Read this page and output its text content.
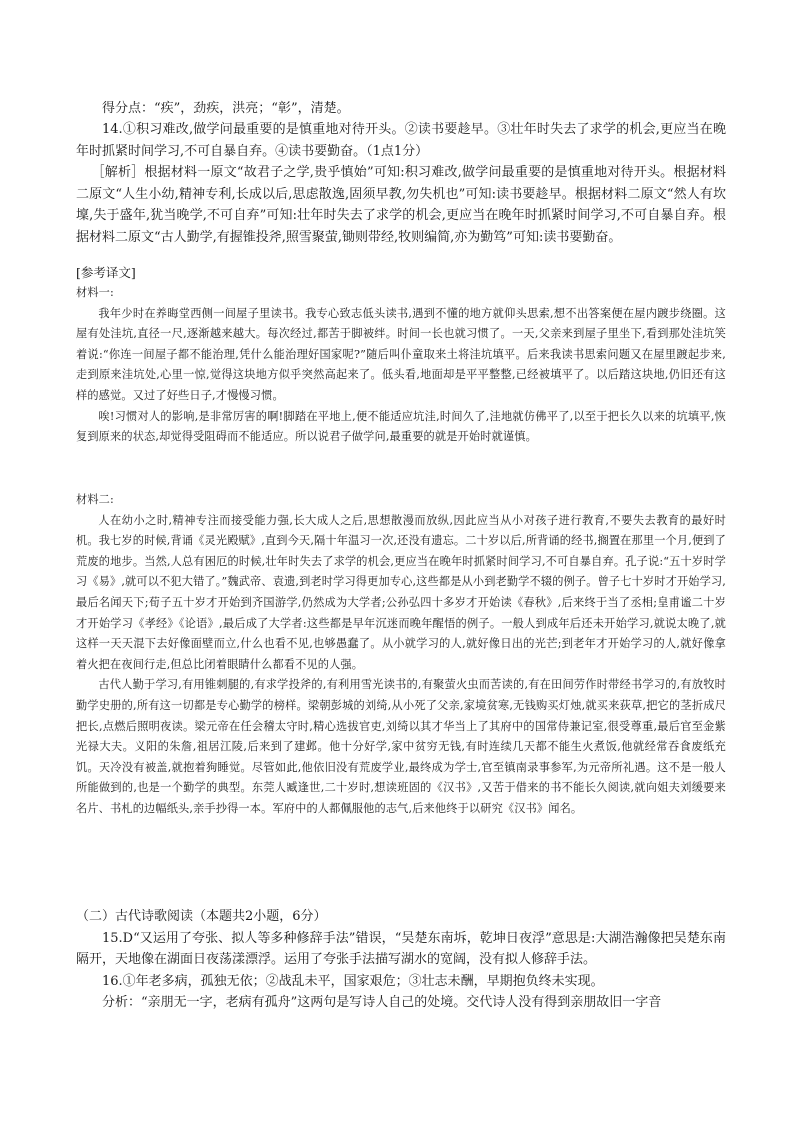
得分点：“疾”，劲疾，洪亮；“彰”，清楚。

14.①积习难改,做学问最重要的是慎重地对待开头。②读书要趁早。③壮年时失去了求学的机会,更应当在晚年时抓紧时间学习,不可自暴自弃。④读书要勤奋。（1点1分）

［解析］根据材料一原文“故君子之学,贵乎慎始”可知:积习难改,做学问最重要的是慎重地对待开头。根据材料二原文“人生小幼,精神专利,长成以后,思虑散逸,固须早教,勿失机也”可知:读书要趁早。根据材料二原文“然人有坎壈,失于盛年,犹当晚学,不可自弃”可知:壮年时失去了求学的机会,更应当在晚年时抓紧时间学习,不可自暴自弃。根据材料二原文“古人勤学,有握锥投斧,照雪聚萤,锄则带经,牧则编简,亦为勤笃”可知:读书要勤奋。

[参考译文]

材料一:

我年少时在养晦堂西侧一间屋子里读书。我专心致志低头读书,遇到不懂的地方就仰头思索,想不出答案便在屋内踱步绕圈。这屋有处洼坑,直径一尺,逐渐越来越大。每次经过,都苦于脚被绊。时间一长也就习惯了。一天,父亲来到屋子里坐下,看到那处洼坑笑着说:“你连一间屋子都不能治理,凭什么能治理好国家呢?”随后叫仆童取来土将洼坑填平。后来我读书思索问题又在屋里踱起步来,走到原来洼坑处,心里一惊,觉得这块地方似乎突然高起来了。低头看,地面却是平平整整,已经被填平了。以后踏这块地,仍旧还有这样的感觉。又过了好些日子,才慢慢习惯。

唉!习惯对人的影响,是非常厉害的啊!脚踏在平地上,便不能适应坑洼,时间久了,洼地就仿佛平了,以至于把长久以来的坑填平,恢复到原来的状态,却觉得受阻碍而不能适应。所以说君子做学问,最重要的就是开始时就谨慎。

材料二:

人在幼小之时,精神专注而接受能力强,长大成人之后,思想散漫而放纵,因此应当从小对孩子进行教育,不要失去教育的最好时机。我七岁的时候,背诵《灵光殿赋》,直到今天,隔十年温习一次,还没有遗忘。二十岁以后,所背诵的经书,搁置在那里一个月,便到了荒废的地步。当然,人总有困厄的时候,壮年时失去了求学的机会,更应当在晚年时抓紧时间学习,不可自暴自弃。孔子说:“五十岁时学习《易》,就可以不犯大错了。”魏武帝、袁遗,到老时学习得更加专心,这些都是从小到老勤学不辍的例子。曾子七十岁时才开始学习,最后名闻天下;荀子五十岁才开始到齐国游学,仍然成为大学者;公孙弘四十多岁才开始读《春秋》,后来终于当了丞相;皇甫谧二十岁才开始学习《孝经》《论语》,最后成了大学者:这些都是早年沉迷而晚年醒悟的例子。一般人到成年后还未开始学习,就说太晚了,就这样一天天混下去好像面壁而立,什么也看不见,也够愚蠢了。从小就学习的人,就好像日出的光芒;到老年才开始学习的人,就好像拿着火把在夜间行走,但总比闭着眼睛什么都看不见的人强。

古代人勤于学习,有用锥刺腿的,有求学投斧的,有利用雪光读书的,有聚萤火虫而苦读的,有在田间劳作时带经书学习的,有放牧时勤学史册的,所有这一切都是专心勤学的榜样。梁朝彭城的刘绮,从小死了父亲,家境贫寒,无钱购买灯烛,就买来荻草,把它的茎折成尺把长,点燃后照明夜读。梁元帝在任会稽太守时,精心选拔官吏,刘绮以其才华当上了其府中的国常侍兼记室,很受尊重,最后官至金紫光禄大夫。义阳的朱詹,祖居江陵,后来到了建邺。他十分好学,家中贫穷无钱,有时连续几天都不能生火煮饭,他就经常吞食废纸充饥。天冷没有被盖,就抱着狗睡觉。尽管如此,他依旧没有荒废学业,最终成为学士,官至镇南录事参军,为元帝所礼遇。这不是一般人所能做到的,也是一个勤学的典型。东莞人臧逢世,二十岁时,想读班固的《汉书》,又苦于借来的书不能长久阅读,就向姐夫刘缓要来名片、书札的边幅纸头,亲手抄得一本。军府中的人都佩服他的志气,后来他终于以研究《汉书》闻名。

（二）古代诗歌阅读（本题共2小题，6分）

15.D“又运用了夸张、拟人等多种修辞手法”错误，“吴楚东南坼，乾坤日夜浮”意思是:大湖浩瀚像把吴楚东南隔开，天地像在湖面日夜荡漾漂浮。运用了夸张手法描写湖水的宽阔，没有拟人修辞手法。

16.①年老多病，孤独无依；②战乱未平，国家艰危；③壮志未酬，早期抱负终未实现。

分析：“亲朋无一字，老病有孤舟”这两句是写诗人自己的处境。交代诗人没有得到亲朋故旧一字音
